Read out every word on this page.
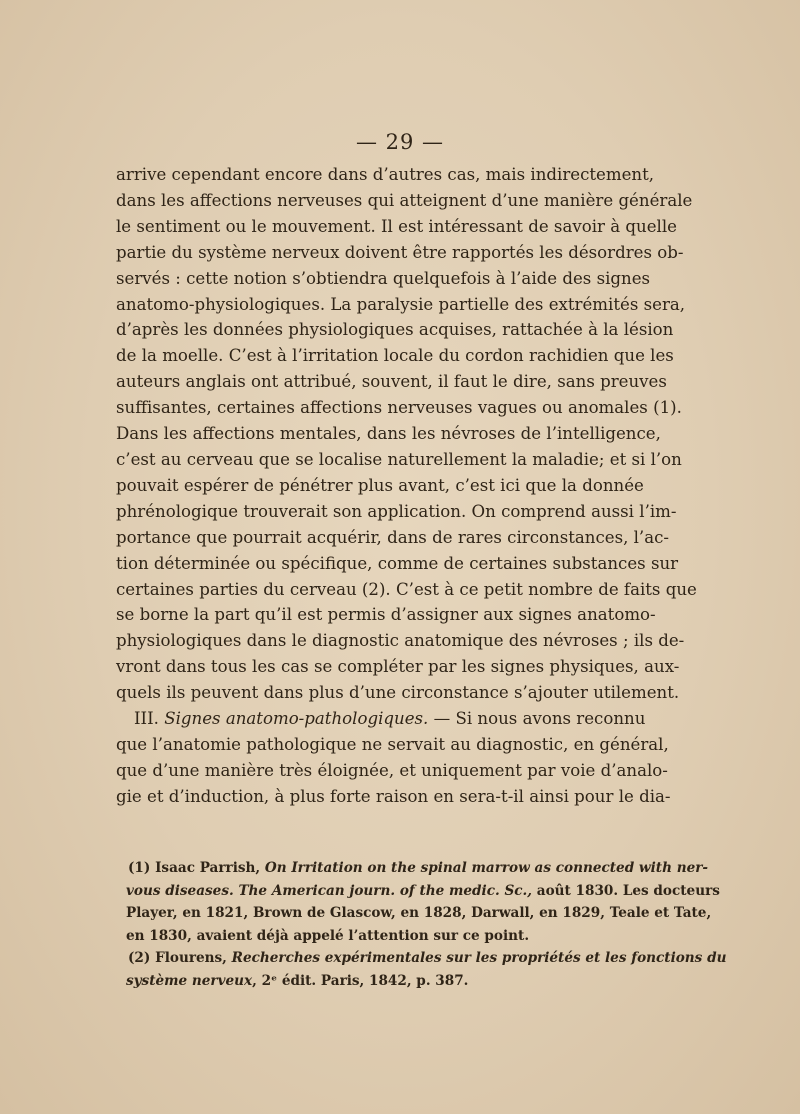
— 29 —
arrive cependant encore dans d’autres cas, mais indirectement,
dans les affections nerveuses qui atteignent d’une manière générale
le sentiment ou le mouvement. Il est intéressant de savoir à quelle
partie du système nerveux doivent être rapportés les désordres ob-
servés : cette notion s’obtiendra quelquefois à l’aide des signes
anatomo-physiologiques. La paralysie partielle des extrémités sera,
d’après les données physiologiques acquises, rattachée à la lésion
de la moelle. C’est à l’irritation locale du cordon rachidien que les
auteurs anglais ont attribué, souvent, il faut le dire, sans preuves
suffisantes, certaines affections nerveuses vagues ou anomales (1).
Dans les affections mentales, dans les névroses de l’intelligence,
c’est au cerveau que se localise naturellement la maladie; et si l’on
pouvait espérer de pénétrer plus avant, c’est ici que la donnée
phrénologique trouverait son application. On comprend aussi l’im-
portance que pourrait acquérir, dans de rares circonstances, l’ac-
tion déterminée ou spécifique, comme de certaines substances sur
certaines parties du cerveau (2). C’est à ce petit nombre de faits que
se borne la part qu’il est permis d’assigner aux signes anatomo-
physiologiques dans le diagnostic anatomique des névroses ; ils de-
vront dans tous les cas se compléter par les signes physiques, aux-
quels ils peuvent dans plus d’une circonstance s’ajouter utilement.
III. Signes anatomo-pathologiques. — Si nous avons reconnu
que l’anatomie pathologique ne servait au diagnostic, en général,
que d’une manière très éloignée, et uniquement par voie d’analo-
gie et d’induction, à plus forte raison en sera-t-il ainsi pour le dia-
(1) Isaac Parrish, On Irritation on the spinal marrow as connected with ner-
vous diseases. The American journ. of the medic. Sc., août 1830. Les docteurs
Player, en 1821, Brown de Glascow, en 1828, Darwall, en 1829, Teale et Tate,
en 1830, avaient déjà appelé l’attention sur ce point.
(2) Flourens, Recherches expérimentales sur les propriétés et les fonctions du
système nerveux, 2ᵉ édit. Paris, 1842, p. 387.
